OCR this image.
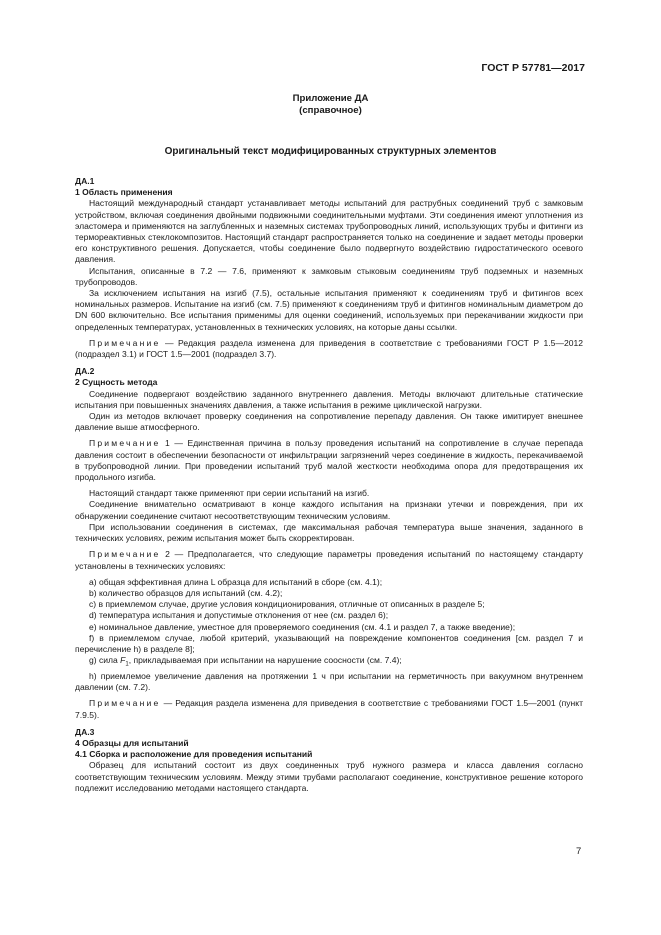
ГОСТ Р 57781—2017
Приложение ДА
(справочное)
Оригинальный текст модифицированных структурных элементов
ДА.1
1 Область применения

Настоящий международный стандарт устанавливает методы испытаний для раструбных соединений труб с замковым устройством, включая соединения двойными подвижными соединительными муфтами. Эти соединения имеют уплотнения из эластомера и применяются на заглубленных и наземных системах трубопроводных линий, использующих трубы и фитинги из термореактивных стеклокомпозитов. Настоящий стандарт распространяется только на соединение и задает методы проверки его конструктивного решения. Допускается, чтобы соединение было подвергнуто воздействию гидростатического осевого давления.

Испытания, описанные в 7.2 — 7.6, применяют к замковым стыковым соединениям труб подземных и наземных трубопроводов.

За исключением испытания на изгиб (7.5), остальные испытания применяют к соединениям труб и фитингов всех номинальных размеров. Испытание на изгиб (см. 7.5) применяют к соединениям труб и фитингов номинальным диаметром до DN 600 включительно. Все испытания применимы для оценки соединений, используемых при перекачивании жидкости при определенных температурах, установленных в технических условиях, на которые даны ссылки.

Примечание — Редакция раздела изменена для приведения в соответствие с требованиями ГОСТ Р 1.5—2012 (подраздел 3.1) и ГОСТ 1.5—2001 (подраздел 3.7).

ДА.2
2 Сущность метода

Соединение подвергают воздействию заданного внутреннего давления. Методы включают длительные статические испытания при повышенных значениях давления, а также испытания в режиме циклической нагрузки.

Один из методов включает проверку соединения на сопротивление перепаду давления. Он также имитирует внешнее давление выше атмосферного.

Примечание 1 — Единственная причина в пользу проведения испытаний на сопротивление в случае перепада давления состоит в обеспечении безопасности от инфильтрации загрязнений через соединение в жидкость, перекачиваемой в трубопроводной линии. При проведении испытаний труб малой жесткости необходима опора для предотвращения их продольного изгиба.

Настоящий стандарт также применяют при серии испытаний на изгиб.

Соединение внимательно осматривают в конце каждого испытания на признаки утечки и повреждения, при их обнаружении соединение считают несоответствующим техническим условиям.

При использовании соединения в системах, где максимальная рабочая температура выше значения, заданного в технических условиях, режим испытания может быть скорректирован.

Примечание 2 — Предполагается, что следующие параметры проведения испытаний по настоящему стандарту установлены в технических условиях:

a) общая эффективная длина L образца для испытаний в сборе (см. 4.1);

b) количество образцов для испытаний (см. 4.2);

c) в приемлемом случае, другие условия кондиционирования, отличные от описанных в разделе 5;

d) температура испытания и допустимые отклонения от нее (см. раздел 6);

e) номинальное давление, уместное для проверяемого соединения (см. 4.1 и раздел 7, а также введение);

f) в приемлемом случае, любой критерий, указывающий на повреждение компонентов соединения [см. раздел 7 и перечисление h) в разделе 8];

g) сила $F_1$, прикладываемая при испытании на нарушение соосности (см. 7.4);

h) приемлемое увеличение давления на протяжении 1 ч при испытании на герметичность при вакуумном внутреннем давлении (см. 7.2).

Примечание — Редакция раздела изменена для приведения в соответствие с требованиями ГОСТ 1.5—2001 (пункт 7.9.5).

ДА.3
4 Образцы для испытаний
4.1 Сборка и расположение для проведения испытаний

Образец для испытаний состоит из двух соединенных труб нужного размера и класса давления согласно соответствующим техническим условиям. Между этими трубами располагают соединение, конструктивное решение которого подлежит исследованию методами настоящего стандарта.

7
